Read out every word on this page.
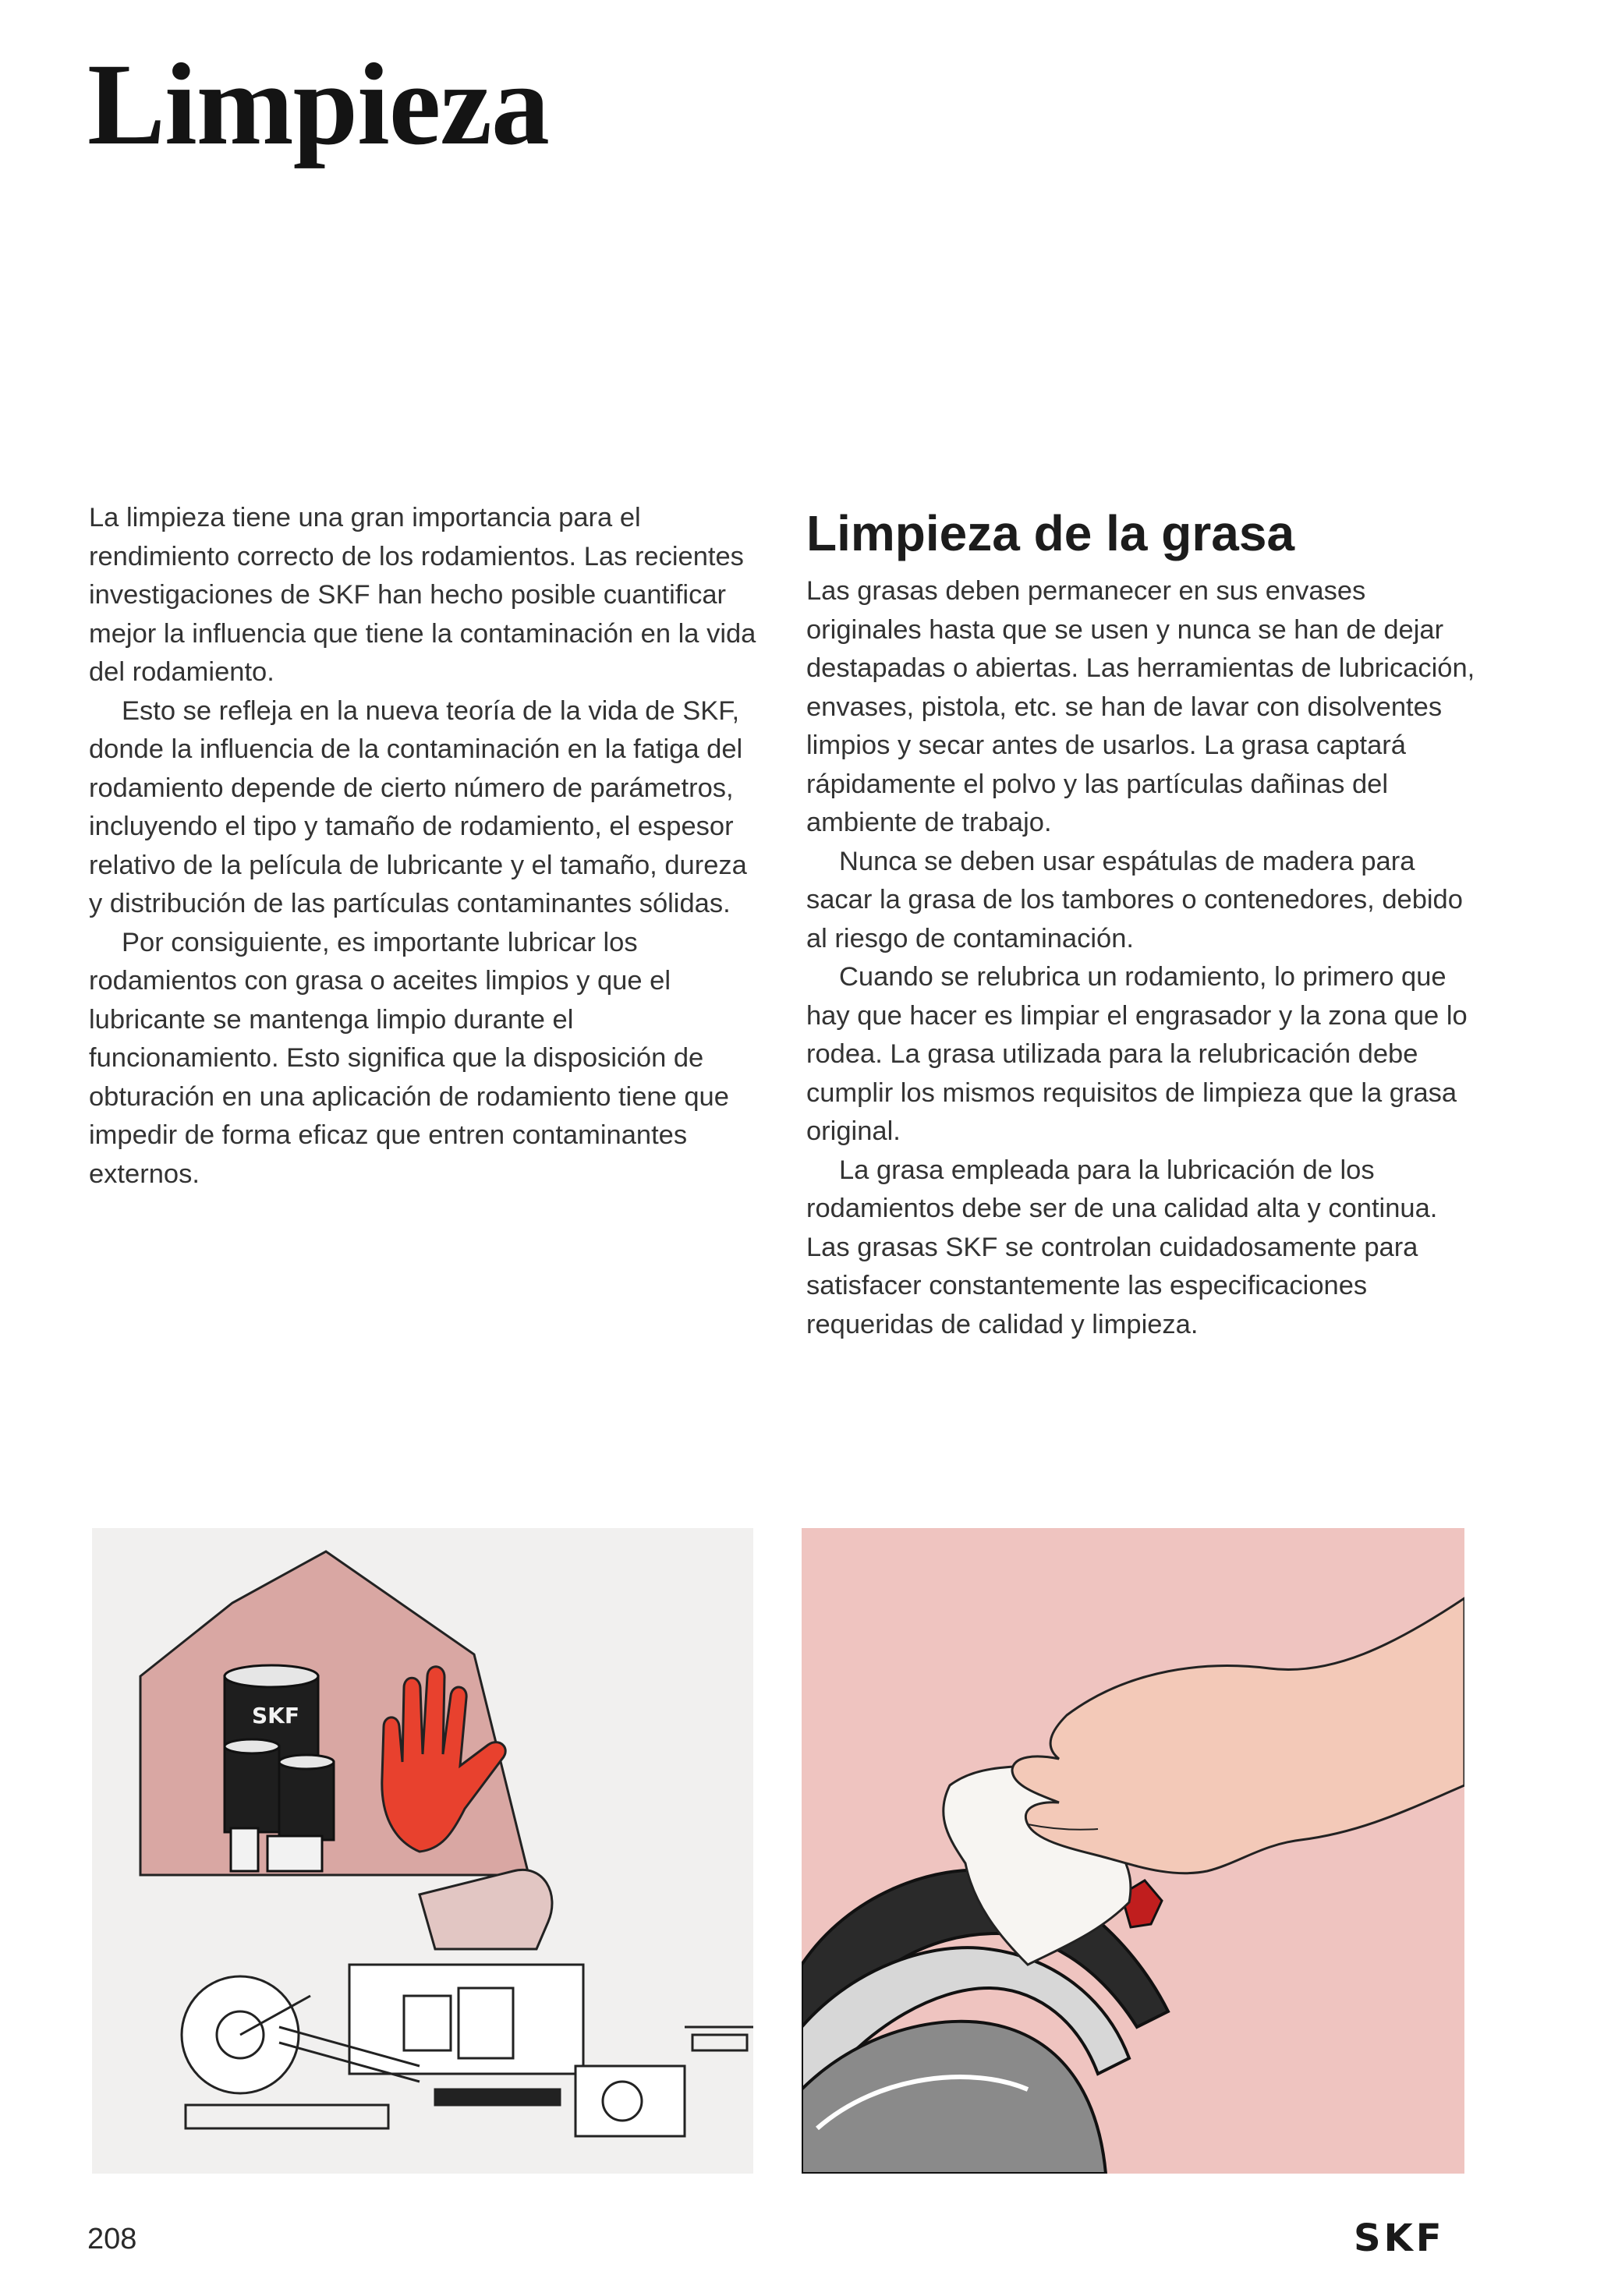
Limpieza

La limpieza tiene una gran importancia para el rendimiento correcto de los rodamientos. Las recientes investigaciones de SKF han hecho posible cuantificar mejor la influencia que tiene la contaminación en la vida del rodamiento.

Esto se refleja en la nueva teoría de la vida de SKF, donde la influencia de la contaminación en la fatiga del rodamiento depende de cierto número de parámetros, incluyendo el tipo y tamaño de rodamiento, el espesor relativo de la película de lubricante y el tamaño, dureza y distribución de las partículas contaminantes sólidas.

Por consiguiente, es importante lubricar los rodamientos con grasa o aceites limpios y que el lubricante se mantenga limpio durante el funcionamiento. Esto significa que la disposición de obturación en una aplicación de rodamiento tiene que impedir de forma eficaz que entren contaminantes externos.

Limpieza de la grasa

Las grasas deben permanecer en sus envases originales hasta que se usen y nunca se han de dejar destapadas o abiertas. Las herramientas de lubricación, envases, pistola, etc. se han de lavar con disolventes limpios y secar antes de usarlos. La grasa captará rápidamente el polvo y las partículas dañinas del ambiente de trabajo.

Nunca se deben usar espátulas de madera para sacar la grasa de los tambores o contenedores, debido al riesgo de contaminación.

Cuando se relubrica un rodamiento, lo primero que hay que hacer es limpiar el engrasador y la zona que lo rodea. La grasa utilizada para la relubricación debe cumplir los mismos requisitos de limpieza que la grasa original.

La grasa empleada para la lubricación de los rodamientos debe ser de una calidad alta y continua. Las grasas SKF se controlan cuidadosamente para satisfacer constantemente las especificaciones requeridas de calidad y limpieza.

SKF
208	SKF
